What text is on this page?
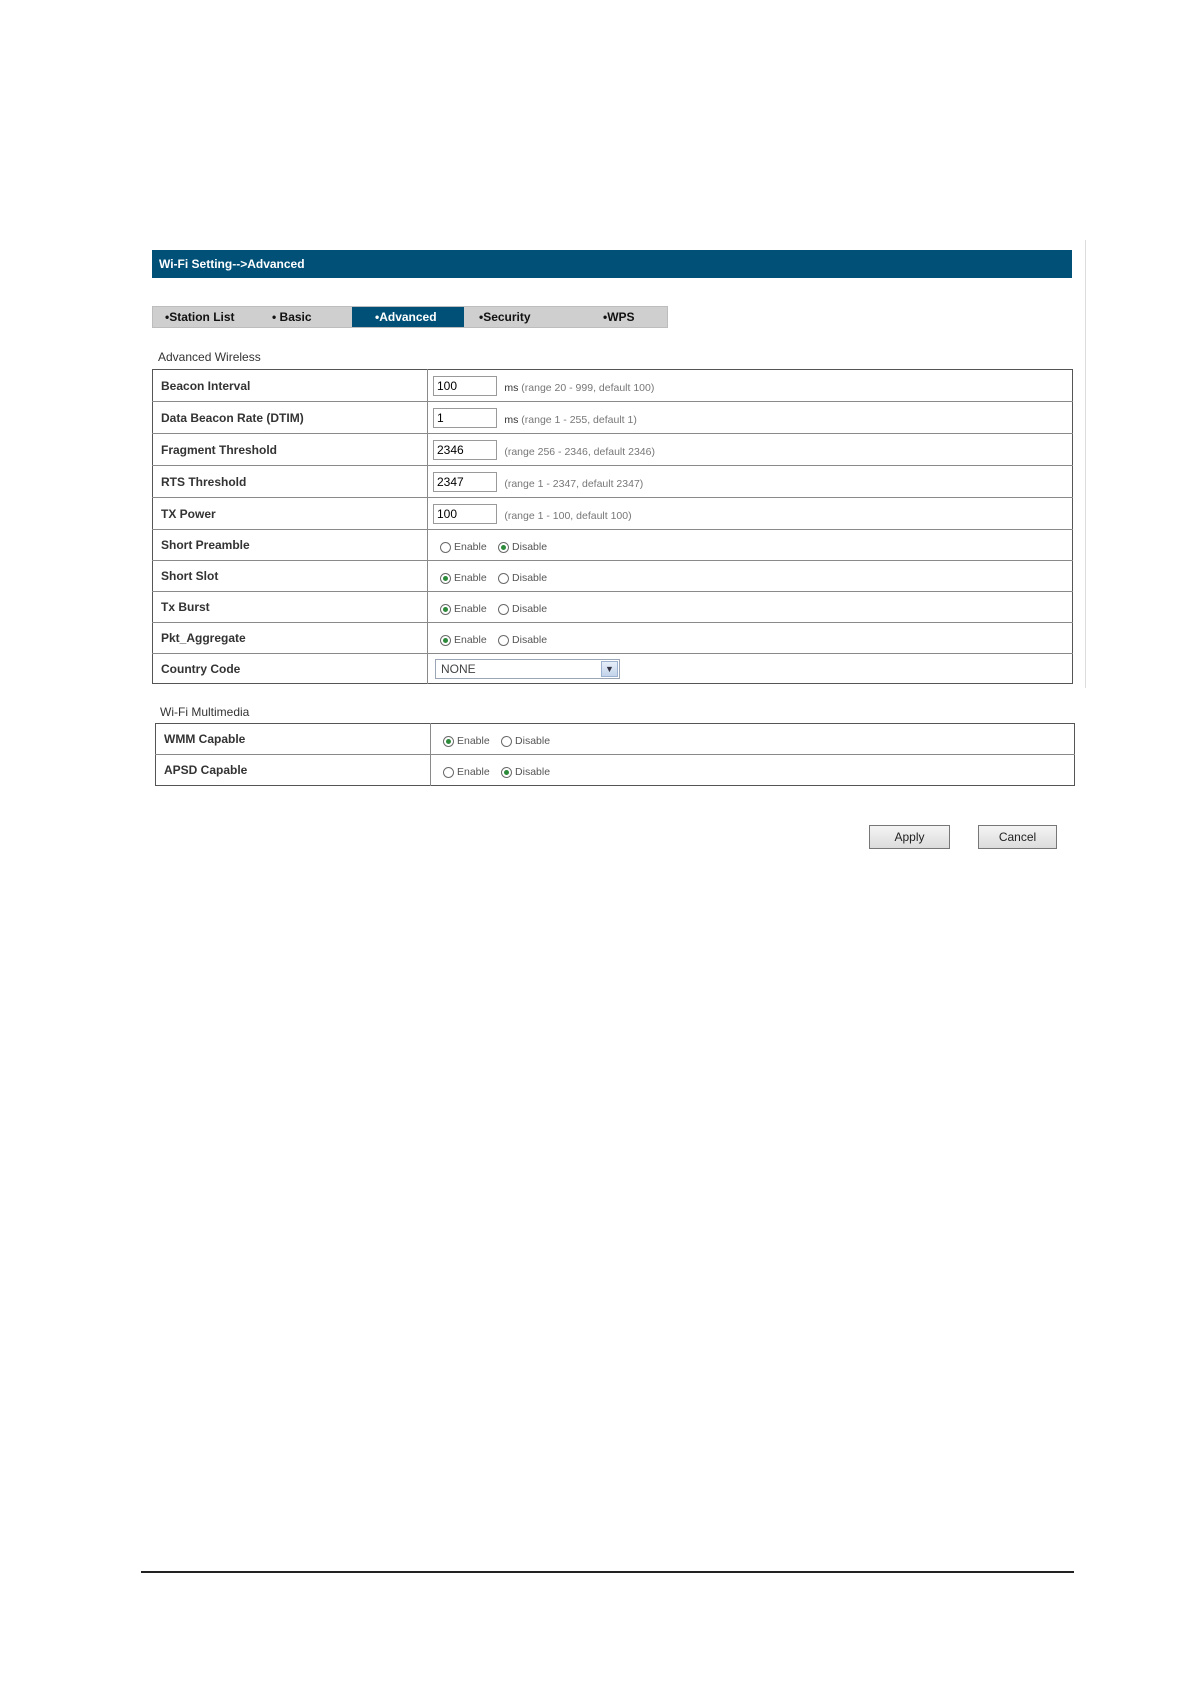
Wi-Fi Setting-->Advanced
•Station List	• Basic	•Advanced	•Security	•WPS
Advanced Wireless
Beacon Interval	100ms (range 20 - 999, default 100)
Data Beacon Rate (DTIM)	1ms (range 1 - 255, default 1)
Fragment Threshold	2346(range 256 - 2346, default 2346)
RTS Threshold	2347(range 1 - 2347, default 2347)
TX Power	100(range 1 - 100, default 100)
Short Preamble	Enable Disable
Short Slot	Enable Disable
Tx Burst	Enable Disable
Pkt_Aggregate	Enable Disable
Country Code	NONE ▼
Wi-Fi Multimedia
WMM Capable	Enable Disable
APSD Capable	Enable Disable
Apply	Cancel
